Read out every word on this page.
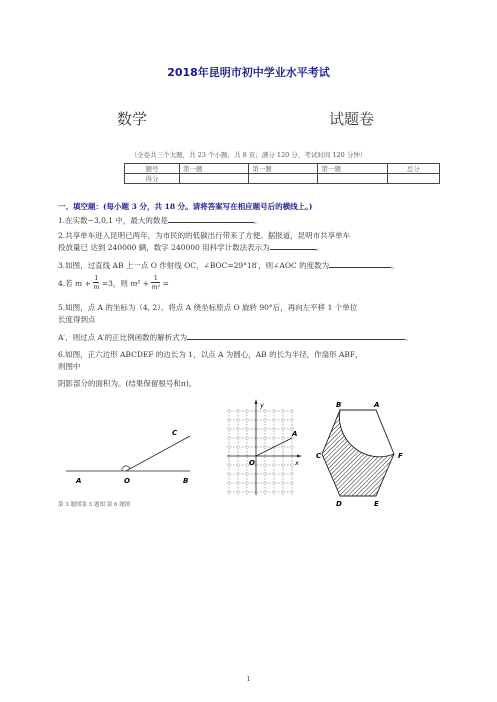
2018年昆明市初中学业水平考试
数学	试题卷
（全卷共三个大题，共 23 个小题，共 8 页；满分 120 分，考试时间 120 分钟）
题号	第一题	第一题	第一题	总分
得分				
一、填空题：(每小题 3 分，共 18 分。请将答案写在相应题号后的横线上。)
1.在实数−3,0,1 中，最大的数是	。
2.共享单车进入昆明已两年，为市民的的低碳出行带来了方便。据报道，昆明市共享单车
投放量已 达到 240000 辆，数字 240000 用科学计数法表示为	。
3.如图，过直线 AB 上一点 O 作射线 OC，∠BOC=29°18′，则∠AOC 的度数为	。
4.若 $m + \frac{1}{m} =3$，则 $m^2 + \frac{1}{\text{m²}}$ =
5.如图，点 A 的坐标为（4, 2）。将点 A 绕坐标原点 O 旋转 90°后，再向左平移 1 个单位
长度得到点
A′，则过点 A′的正比例函数的解析式为	。
6.如图，正六边形 ABCDEF 的边长为 1，以点 A 为圆心，AB 的长为半径，作扇形 ABF，
则图中
阴影部分的面积为。(结果保留根号和π)。
A	O	B
C
y
x
O
A
B	A
F
C
D	E
第 3 题图第 5 题图 第 6 题图
1
